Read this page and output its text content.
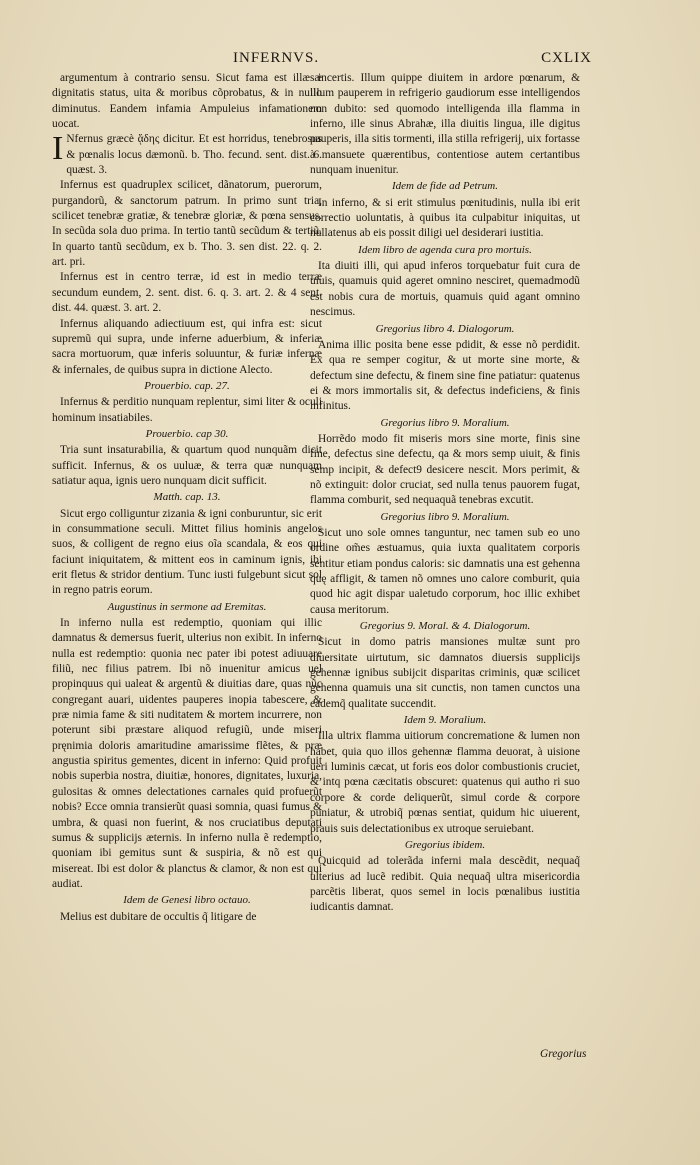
INFERNVS.	CXLIX

argumentum à contrario sensu. Sicut fama est illæsæ dignitatis status, uita & moribus cõprobatus, & in nullo diminutus. Eandem infamia Ampuleius infamationem uocat.

I Nfernus græcè ᾅδης dicitur. Et est horridus, tenebrosus & pœnalis locus dæmonũ. b. Tho. fecund. sent. dist. 6. quæst. 3.

Infernus est quadruplex scilicet, dãnatorum, puerorum, purgandorũ, & sanctorum patrum. In primo sunt tria, scilicet tenebræ gratiæ, & tenebræ gloriæ, & pœna sensus. In secũda sola duo prima. In tertio tantũ secũdum & tertiũ. In quarto tantũ secũdum, ex b. Tho. 3. sen dist. 22. q. 2. art. pri.

Infernus est in centro terræ, id est in medio terræ secundum eundem, 2. sent. dist. 6. q. 3. art. 2. & 4 sent. dist. 44. quæst. 3. art. 2.

Infernus aliquando adiectiuum est, qui infra est: sicut supremũ qui supra, unde inferne aduerbium, & inferiæ sacra mortuorum, quæ inferis soluuntur, & furiæ infernæ & infernales, de quibus supra in dictione Alecto.

Prouerbio. cap. 27.

Infernus & perditio nunquam replentur, simi liter & oculi hominum insatiabiles.

Prouerbio. cap 30.

Tria sunt insaturabilia, & quartum quod nunquãm dicit sufficit. Infernus, & os uuluæ, & terra quæ nunquam satiatur aqua, ignis uero nunquam dicit sufficit.

Matth. cap. 13.

Sicut ergo colliguntur zizania & igni conburuntur, sic erit in consummatione seculi. Mittet filius hominis angelos suos, & colligent de regno eius oĩa scandala, & eos qui faciunt iniquitatem, & mittent eos in caminum ignis, ibi erit fletus & stridor dentium. Tunc iusti fulgebunt sicut sol in regno patris eorum.

Augustinus in sermone ad Eremitas.

In inferno nulla est redemptio, quoniam qui illic damnatus & demersus fuerit, ulterius non exibit. In inferno nulla est redemptio: quonia nec pater ibi potest adiuuare filiũ, nec filius patrem. Ibi nõ inuenitur amicus uel propinquus qui ualeat & argentũ & diuitias dare, quas nũc congregant auari, uidentes pauperes inopia tabescere, & præ nimia fame & siti nuditatem & mortem incurrere, non poterunt sibi præstare aliquod refugiũ, unde miseri pręnimia doloris amaritudine amarissime flẽtes, & præ angustia spiritus gementes, dicent in inferno: Quid profuit nobis superbia nostra, diuitiæ, honores, dignitates, luxuria, gulositas & omnes delectationes carnales quid profuerũt nobis? Ecce omnia transierũt quasi somnia, quasi fumus & umbra, & quasi non fuerint, & nos cruciatibus deputati sumus & supplicijs æternis. In inferno nulla ẽ redemptio, quoniam ibi gemitus sunt & suspiria, & nõ est qui misereat. Ibi est dolor & planctus & clamor, & non est qui audiat.

Idem de Genesi libro octauo.

Melius est dubitare de occultis q̃ litigare de

incertis. Illum quippe diuitem in ardore pœnarum, & illum pauperem in refrigerio gaudiorum esse intelligendos non dubito: sed quomodo intelligenda illa flamma in inferno, ille sinus Abrahæ, illa diuitis lingua, ille digitus pauperis, illa sitis tormenti, illa stilla refrigerij, uix fortasse à mansuete quærentibus, contentiose autem certantibus nunquam inuenitur.

Idem de fide ad Petrum.

In inferno, & si erit stimulus pœnitudinis, nulla ibi erit correctio uoluntatis, à quibus ita culpabitur iniquitas, ut nullatenus ab eis possit diligi uel desiderari iustitia.

Idem libro de agenda cura pro mortuis.

Ita diuiti illi, qui apud inferos torquebatur fuit cura de uiuis, quamuis quid ageret omnino nesciret, quemadmodũ est nobis cura de mortuis, quamuis quid agant omnino nescimus.

Gregorius libro 4. Dialogorum.

Anima illic posita bene esse pdidit, & esse nõ perdidit. Ex qua re semper cogitur, & ut morte sine morte, & defectum sine defectu, & finem sine fine patiatur: quatenus ei & mors immortalis sit, & defectus indeficiens, & finis infinitus.

Gregorius libro 9. Moralium.

Horrẽdo modo fit miseris mors sine morte, finis sine fine, defectus sine defectu, qa & mors semp uiuit, & finis semp incipit, & defect9 desicere nescit. Mors perimit, & nõ extinguit: dolor cruciat, sed nulla tenus pauorem fugat, flamma comburit, sed nequaquã tenebras excutit.

Gregorius libro 9. Moralium.

Sicut uno sole omnes tanguntur, nec tamen sub eo uno ordine om̃es æstuamus, quia iuxta qualitatem corporis sentitur etiam pondus caloris: sic damnatis una est gehenna quę affligit, & tamen nõ omnes uno calore comburit, quia quod hic agit dispar ualetudo corporum, hoc illic exhibet causa meritorum.

Gregorius 9. Moral. & 4. Dialogorum.

Sicut in domo patris mansiones multæ sunt pro diuersitate uirtutum, sic damnatos diuersis supplicijs gehennæ ignibus subijcit disparitas criminis, quæ scilicet gehenna quamuis una sit cunctis, non tamen cunctos una eademq̃ qualitate succendit.

Idem 9. Moralium.

Illa ultrix flamma uitiorum concrematione & lumen non habet, quia quo illos gehennæ flamma deuorat, à uisione ueri luminis cæcat, ut foris eos dolor combustionis cruciet, & intq pœna cæcitatis obscuret: quatenus qui autho ri suo corpore & corde deliquerũt, simul corde & corpore puniatur, & utrobiq̃ pœnas sentiat, quidum hic uiuerent, prauis suis delectationibus ex utroque seruiebant.

Gregorius ibidem.

Quicquid ad tolerãda inferni mala descẽdit, nequaq̃ ulterius ad lucẽ redibit. Quia nequaq̃ ultra misericordia parcẽtis liberat, quos semel in locis pœnalibus iustitia iudicantis damnat.

Gregorius
